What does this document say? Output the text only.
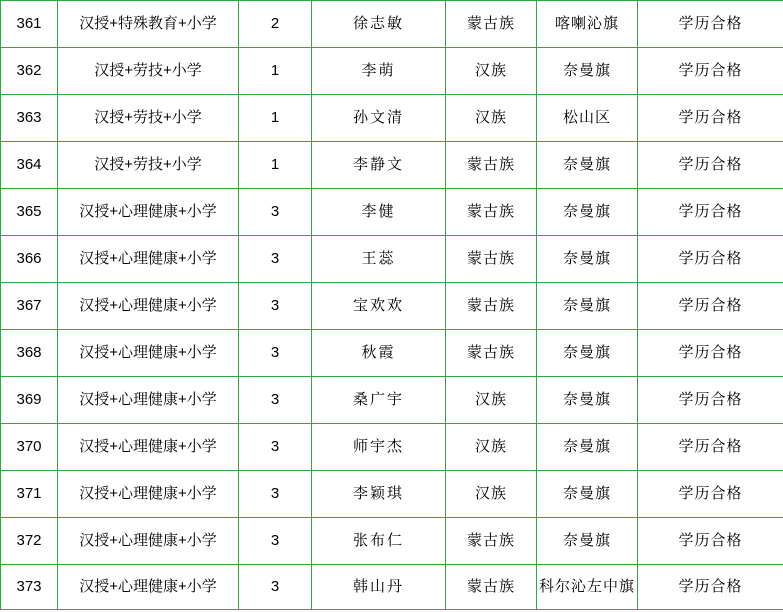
361	汉授+特殊教育+小学	2	徐志敏	蒙古族	喀喇沁旗	学历合格
362	汉授+劳技+小学	1	李萌	汉族	奈曼旗	学历合格
363	汉授+劳技+小学	1	孙文清	汉族	松山区	学历合格
364	汉授+劳技+小学	1	李静文	蒙古族	奈曼旗	学历合格
365	汉授+心理健康+小学	3	李健	蒙古族	奈曼旗	学历合格
366	汉授+心理健康+小学	3	王蕊	蒙古族	奈曼旗	学历合格
367	汉授+心理健康+小学	3	宝欢欢	蒙古族	奈曼旗	学历合格
368	汉授+心理健康+小学	3	秋霞	蒙古族	奈曼旗	学历合格
369	汉授+心理健康+小学	3	桑广宇	汉族	奈曼旗	学历合格
370	汉授+心理健康+小学	3	师宇杰	汉族	奈曼旗	学历合格
371	汉授+心理健康+小学	3	李颖琪	汉族	奈曼旗	学历合格
372	汉授+心理健康+小学	3	张布仁	蒙古族	奈曼旗	学历合格
373	汉授+心理健康+小学	3	韩山丹	蒙古族	科尔沁左中旗	学历合格
